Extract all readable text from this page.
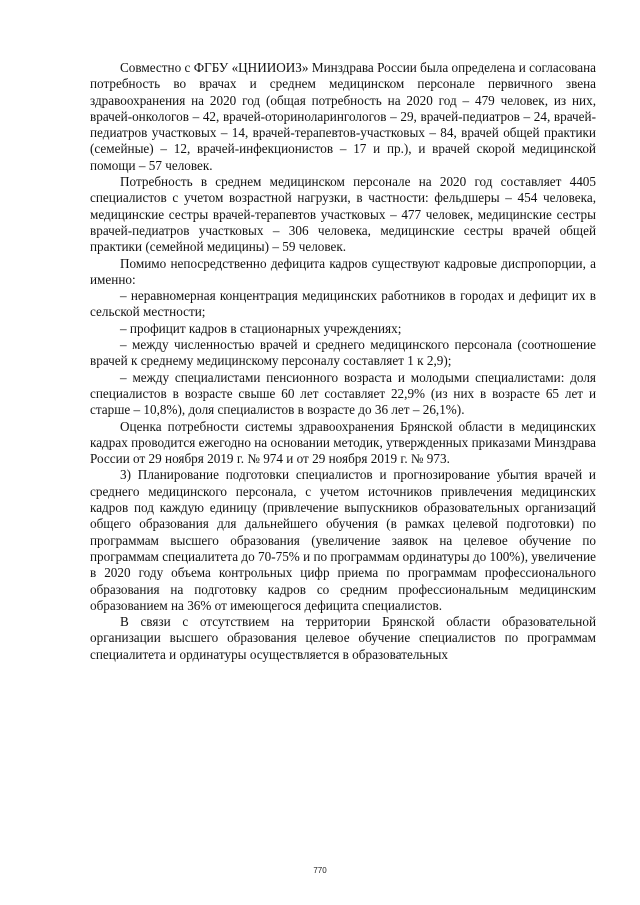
Совместно с ФГБУ «ЦНИИОИЗ» Минздрава России была определена и согласована потребность во врачах и среднем медицинском персонале первичного звена здравоохранения на 2020 год (общая потребность на 2020 год – 479 человек, из них, врачей-онкологов – 42, врачей-оториноларингологов – 29, врачей-педиатров – 24, врачей-педиатров участковых – 14, врачей-терапевтов-участковых – 84, врачей общей практики (семейные) – 12, врачей-инфекционистов – 17 и пр.), и врачей скорой медицинской помощи – 57 человек.

Потребность в среднем медицинском персонале на 2020 год составляет 4405 специалистов с учетом возрастной нагрузки, в частности: фельдшеры – 454 человека, медицинские сестры врачей-терапевтов участковых – 477 человек, медицинские сестры врачей-педиатров участковых – 306 человека, медицинские сестры врачей общей практики (семейной медицины) – 59 человек.

Помимо непосредственно дефицита кадров существуют кадровые диспропорции, а именно:

– неравномерная концентрация медицинских работников в городах и дефицит их в сельской местности;

– профицит кадров в стационарных учреждениях;

– между численностью врачей и среднего медицинского персонала (соотношение врачей к среднему медицинскому персоналу составляет 1 к 2,9);

– между специалистами пенсионного возраста и молодыми специалистами: доля специалистов в возрасте свыше 60 лет составляет 22,9% (из них в возрасте 65 лет и старше – 10,8%), доля специалистов в возрасте до 36 лет – 26,1%).

Оценка потребности системы здравоохранения Брянской области в медицинских кадрах проводится ежегодно на основании методик, утвержденных приказами Минздрава России от 29 ноября 2019 г. № 974 и от 29 ноября 2019 г. № 973.

3) Планирование подготовки специалистов и прогнозирование убытия врачей и среднего медицинского персонала, с учетом источников привлечения медицинских кадров под каждую единицу (привлечение выпускников образовательных организаций общего образования для дальнейшего обучения (в рамках целевой подготовки) по программам высшего образования (увеличение заявок на целевое обучение по программам специалитета до 70-75% и по программам ординатуры до 100%), увеличение в 2020 году объема контрольных цифр приема по программам профессионального образования на подготовку кадров со средним профессиональным медицинским образованием на 36% от имеющегося дефицита специалистов.

В связи с отсутствием на территории Брянской области образовательной организации высшего образования целевое обучение специалистов по программам специалитета и ординатуры осуществляется в образовательных

770
